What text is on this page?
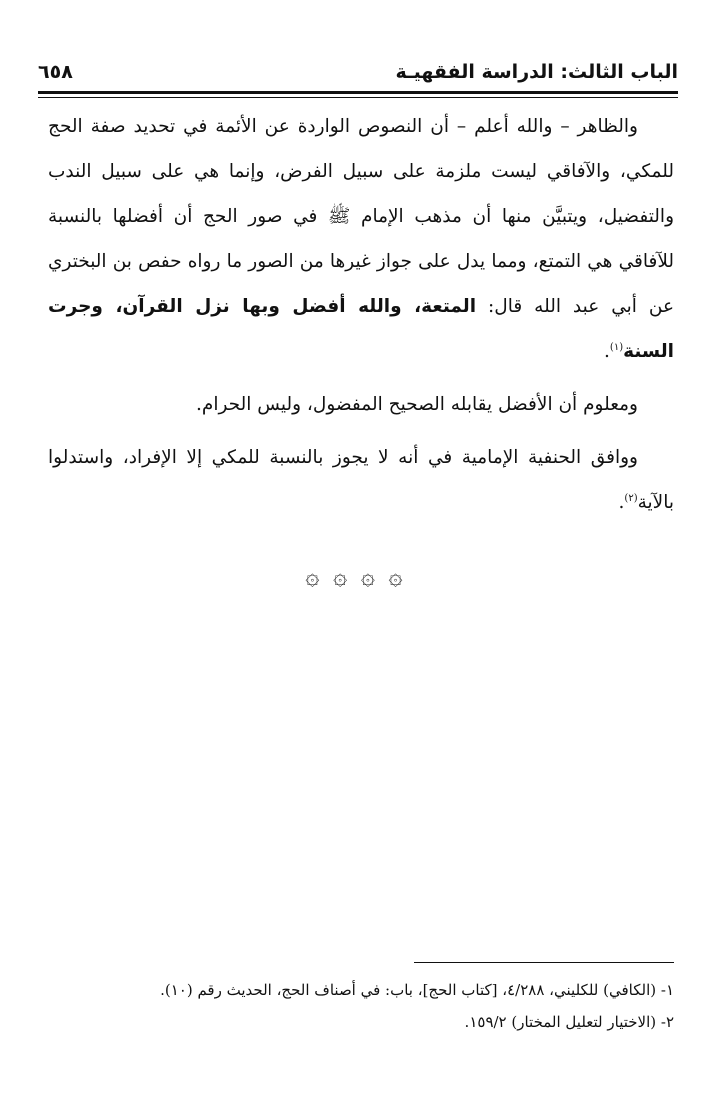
الباب الثالث: الدراسة الفقهيـة
٦٥٨

والظاهر – والله أعلم – أن النصوص الواردة عن الأئمة في تحديد صفة الحج للمكي، والآفاقي ليست ملزمة على سبيل الفرض، وإنما هي على سبيل الندب والتفضيل، ويتبيَّن منها أن مذهب الإمام ﷺ في صور الحج أن أفضلها بالنسبة للآفاقي هي التمتع، ومما يدل على جواز غيرها من الصور ما رواه حفص بن البختري عن أبي عبد الله قال: المتعة، والله أفضل وبها نزل القرآن، وجرت السنة$^{(١)}$.

ومعلوم أن الأفضل يقابله الصحيح المفضول، وليس الحرام.

ووافق الحنفية الإمامية في أنه لا يجوز بالنسبة للمكي إلا الإفراد، واستدلوا بالآية$^{(٢)}$.

۞ ۞ ۞ ۞

١- (الكافي) للكليني، ٤/٢٨٨، [كتاب الحج]، باب: في أصناف الحج، الحديث رقم (١٠).

٢- (الاختيار لتعليل المختار) ١٥٩/٢.
